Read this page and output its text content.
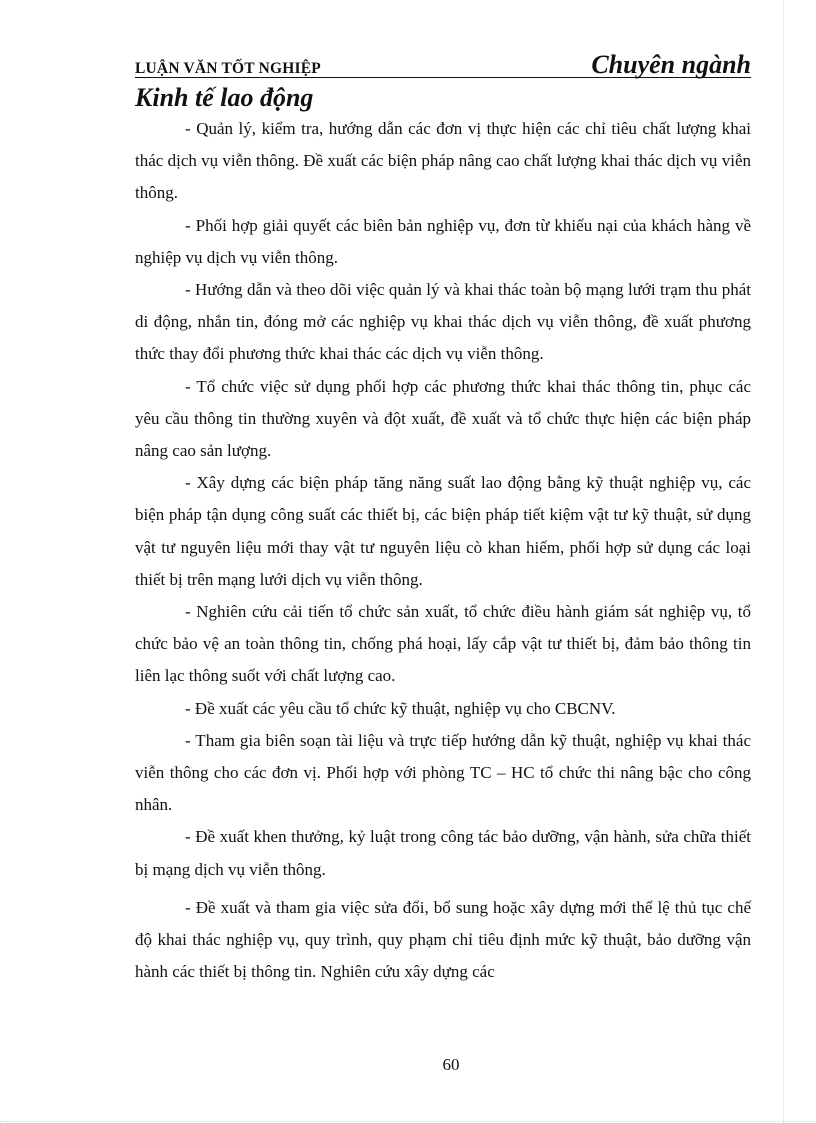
LUẬN VĂN TỐT NGHIỆP	Chuyên ngành
Kinh tế lao động

- Quản lý, kiểm tra, hướng dẫn các đơn vị thực hiện các chỉ tiêu chất lượng khai thác dịch vụ viễn thông. Đề xuất các biện pháp nâng cao chất lượng khai thác dịch vụ viễn thông.

- Phối hợp giải quyết các biên bản nghiệp vụ, đơn từ khiếu nại của khách hàng về nghiệp vụ dịch vụ viễn thông.

- Hướng dẫn và theo dõi việc quản lý và khai thác toàn bộ mạng lưới trạm thu phát di động, nhắn tin, đóng mở các nghiệp vụ khai thác dịch vụ viễn thông, đề xuất phương thức thay đổi phương thức khai thác các dịch vụ viễn thông.

- Tổ chức việc sử dụng phối hợp các phương thức khai thác thông tin, phục các yêu cầu thông tin thường xuyên và đột xuất, đề xuất và tổ chức thực hiện các biện pháp nâng cao sản lượng.

- Xây dựng các biện pháp tăng năng suất lao động bằng kỹ thuật nghiệp vụ, các biện pháp tận dụng công suất các thiết bị, các biện pháp tiết kiệm vật tư kỹ thuật, sử dụng vật tư nguyên liệu mới thay vật tư nguyên liệu cò khan hiếm, phối hợp sử dụng các loại thiết bị trên mạng lưới dịch vụ viễn thông.

- Nghiên cứu cải tiến tổ chức sản xuất, tổ chức điều hành giám sát nghiệp vụ, tổ chức bảo vệ an toàn thông tin, chống phá hoại, lấy cắp vật tư thiết bị, đảm bảo thông tin liên lạc thông suốt với chất lượng cao.

- Đề xuất các yêu cầu tổ chức kỹ thuật, nghiệp vụ cho CBCNV.

- Tham gia biên soạn tài liệu và trực tiếp hướng dẫn kỹ thuật, nghiệp vụ khai thác viễn thông cho các đơn vị. Phối hợp với phòng TC – HC tổ chức thi nâng bậc cho công nhân.

- Đề xuất khen thưởng, kỷ luật trong công tác bảo dưỡng, vận hành, sửa chữa thiết bị mạng dịch vụ viễn thông.

- Đề xuất và tham gia việc sửa đổi, bổ sung hoặc xây dựng mới thể lệ thủ tục chế độ khai thác nghiệp vụ, quy trình, quy phạm chỉ tiêu định mức kỹ thuật, bảo dưỡng vận hành các thiết bị thông tin. Nghiên cứu xây dựng các

60
